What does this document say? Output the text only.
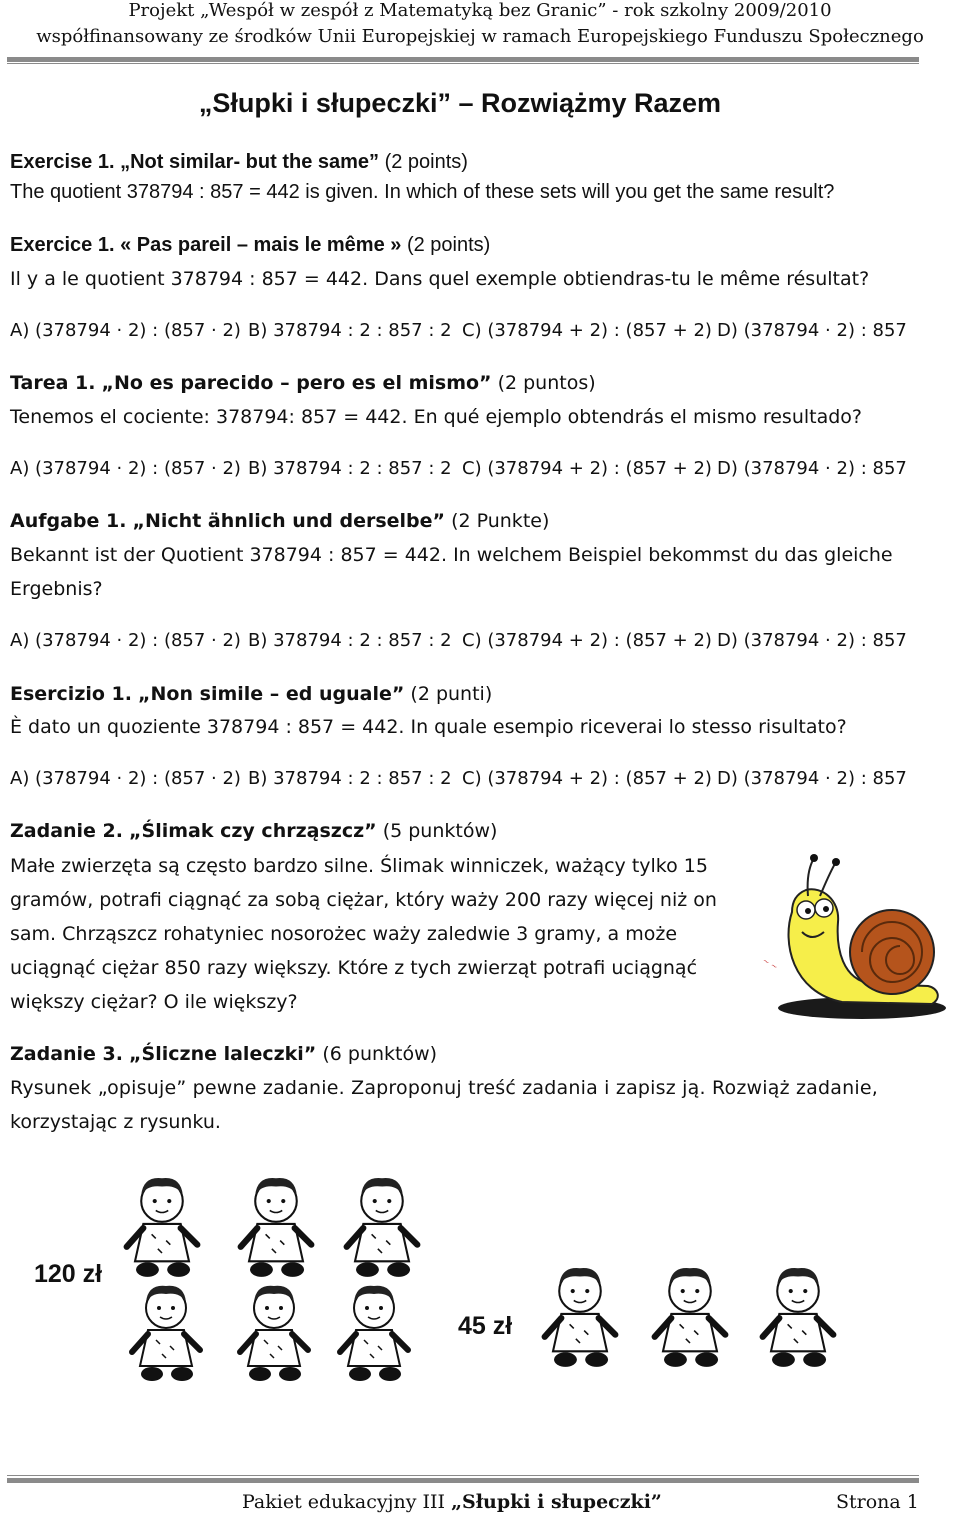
Projekt „Wespół w zespół z Matematyką bez Granic” - rok szkolny 2009/2010
współfinansowany ze środków Unii Europejskiej w ramach Europejskiego Funduszu Społecznego
„Słupki i słupeczki” – Rozwiążmy Razem
Exercise 1. „Not similar- but the same” (2 points)
The quotient 378794 : 857 = 442 is given. In which of these sets will you get the same result?
Exercice 1. « Pas pareil – mais le même » (2 points)
Il y a le quotient 378794 : 857 = 442. Dans quel exemple obtiendras-tu le même résultat?
A) (378794 · 2) : (857 · 2) B) 378794 : 2 : 857 : 2 C) (378794 + 2) : (857 + 2) D) (378794 · 2) : 857
Tarea 1. „No es parecido – pero es el mismo” (2 puntos)
Tenemos el cociente: 378794: 857 = 442. En qué ejemplo obtendrás el mismo resultado?
A) (378794 · 2) : (857 · 2) B) 378794 : 2 : 857 : 2 C) (378794 + 2) : (857 + 2) D) (378794 · 2) : 857
Aufgabe 1. „Nicht ähnlich und derselbe” (2 Punkte)
Bekannt ist der Quotient 378794 : 857 = 442. In welchem Beispiel bekommst du das gleiche
Ergebnis?
A) (378794 · 2) : (857 · 2) B) 378794 : 2 : 857 : 2 C) (378794 + 2) : (857 + 2) D) (378794 · 2) : 857
Esercizio 1. „Non simile – ed uguale” (2 punti)
È dato un quoziente 378794 : 857 = 442. In quale esempio riceverai lo stesso risultato?
A) (378794 · 2) : (857 · 2) B) 378794 : 2 : 857 : 2 C) (378794 + 2) : (857 + 2) D) (378794 · 2) : 857
Zadanie 2. „Ślimak czy chrząszcz” (5 punktów)
Małe zwierzęta są często bardzo silne. Ślimak winniczek, ważący tylko 15
gramów, potrafi ciągnąć za sobą ciężar, który waży 200 razy więcej niż on
sam. Chrząszcz rohatyniec nosorożec waży zaledwie 3 gramy, a może
uciągnąć ciężar 850 razy większy. Które z tych zwierząt potrafi uciągnąć
większy ciężar? O ile większy?
~ ~
Zadanie 3. „Śliczne laleczki” (6 punktów)
Rysunek „opisuje” pewne zadanie. Zaproponuj treść zadania i zapisz ją. Rozwiąż zadanie,
korzystając z rysunku.
120 zł
45 zł
Pakiet edukacyjny III „Słupki i słupeczki”	Strona 1
